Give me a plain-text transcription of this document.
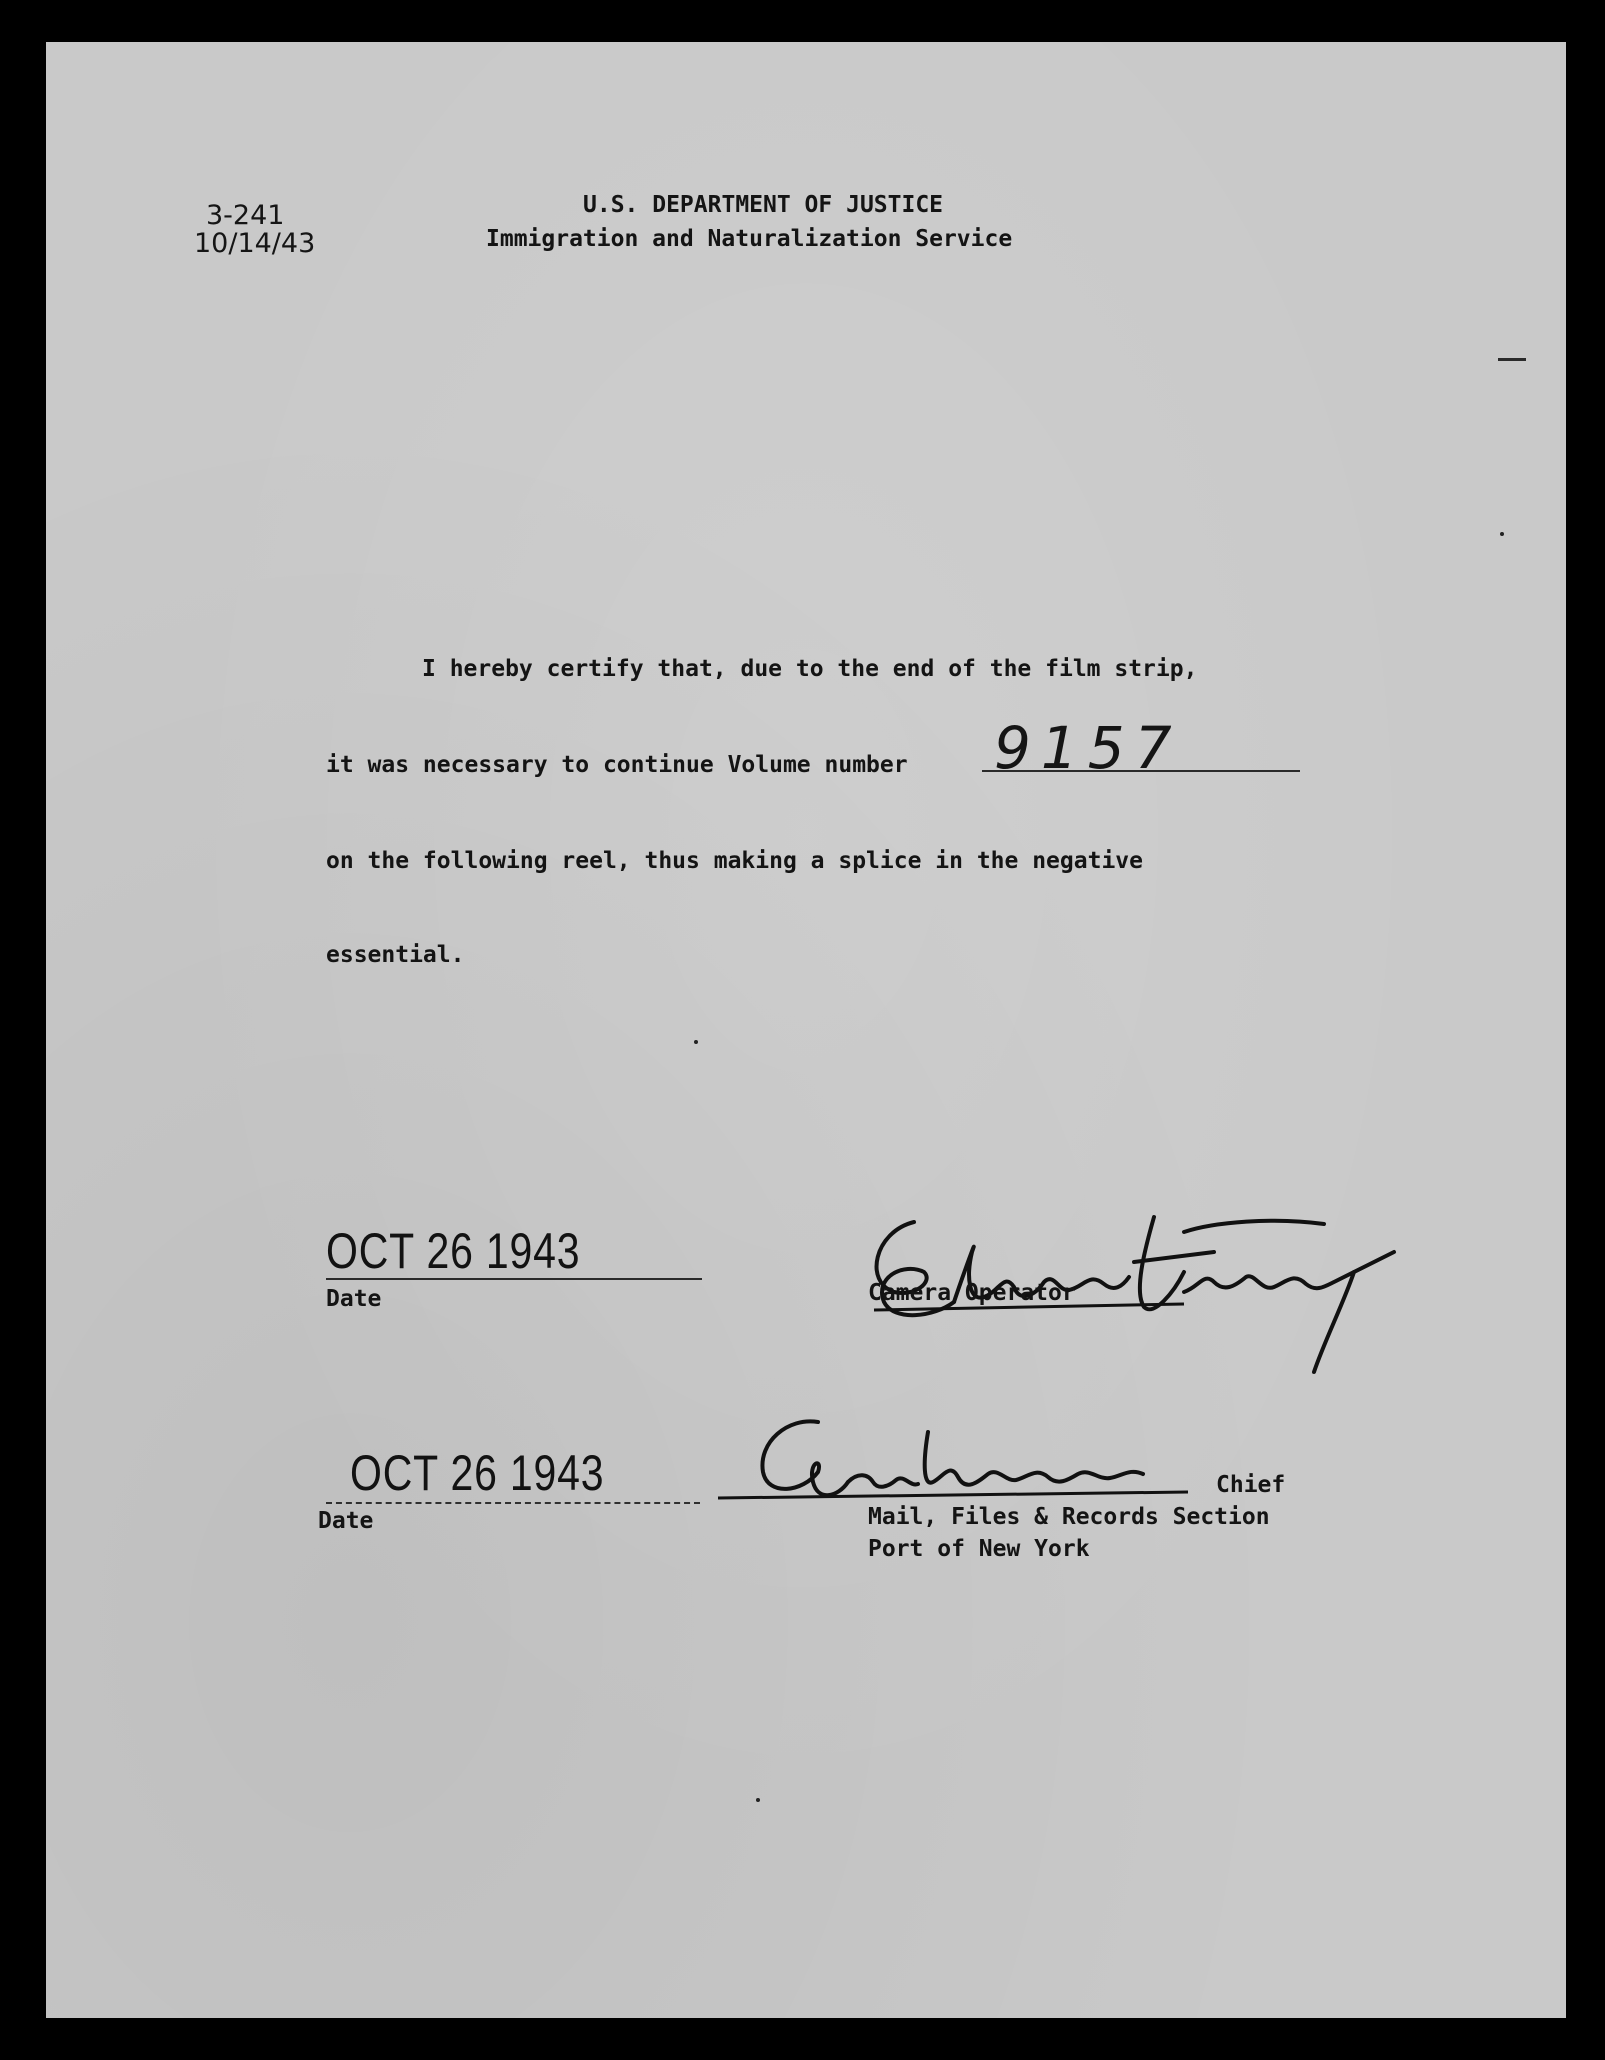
3-241
10/14/43
U.S. DEPARTMENT OF JUSTICE
Immigration and Naturalization Service
I hereby certify that, due to the end of the film strip,
it was necessary to continue Volume number 9157
on the following reel, thus making a splice in the negative
essential.
OCT 26 1943
Date	Camera Operator
OCT 26 1943
Date
Chief
Mail, Files & Records Section
Port of New York
